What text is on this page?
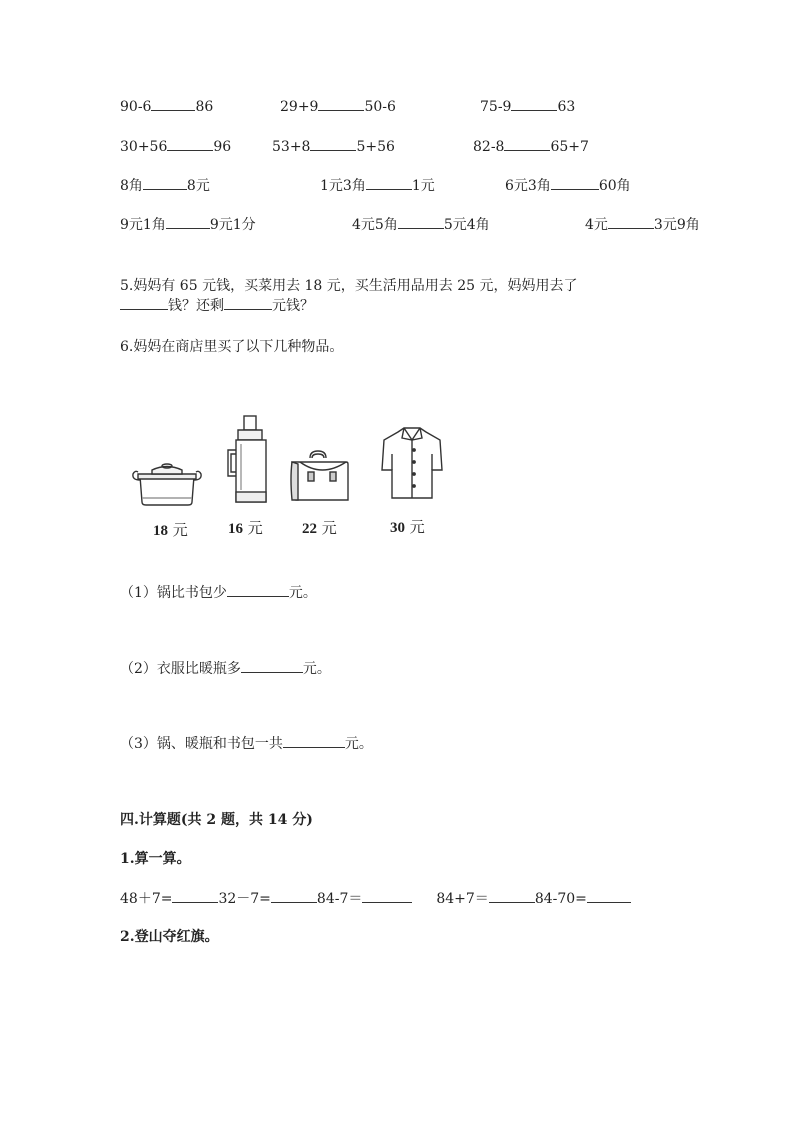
90-6	86	29+9	50-6	75-9	63
30+56	96	53+8	5+56	82-8	65+7
8角	8元	1元3角	1元	6元3角	60角
9元1角	9元1分	4元5角	5元4角	4元	3元9角
5.妈妈有 65 元钱，买菜用去 18 元，买生活用品用去 25 元，妈妈用去了
钱？还剩	元钱？
6.妈妈在商店里买了以下几种物品。
18 元	16 元	22 元	30 元
（1）锅比书包少	元。
（2）衣服比暖瓶多	元。
（3）锅、暖瓶和书包一共	元。
四.计算题(共 2 题，共 14 分)
1.算一算。
48＋7=	32－7=	84-7＝	84+7＝	84-70=
2.登山夺红旗。
